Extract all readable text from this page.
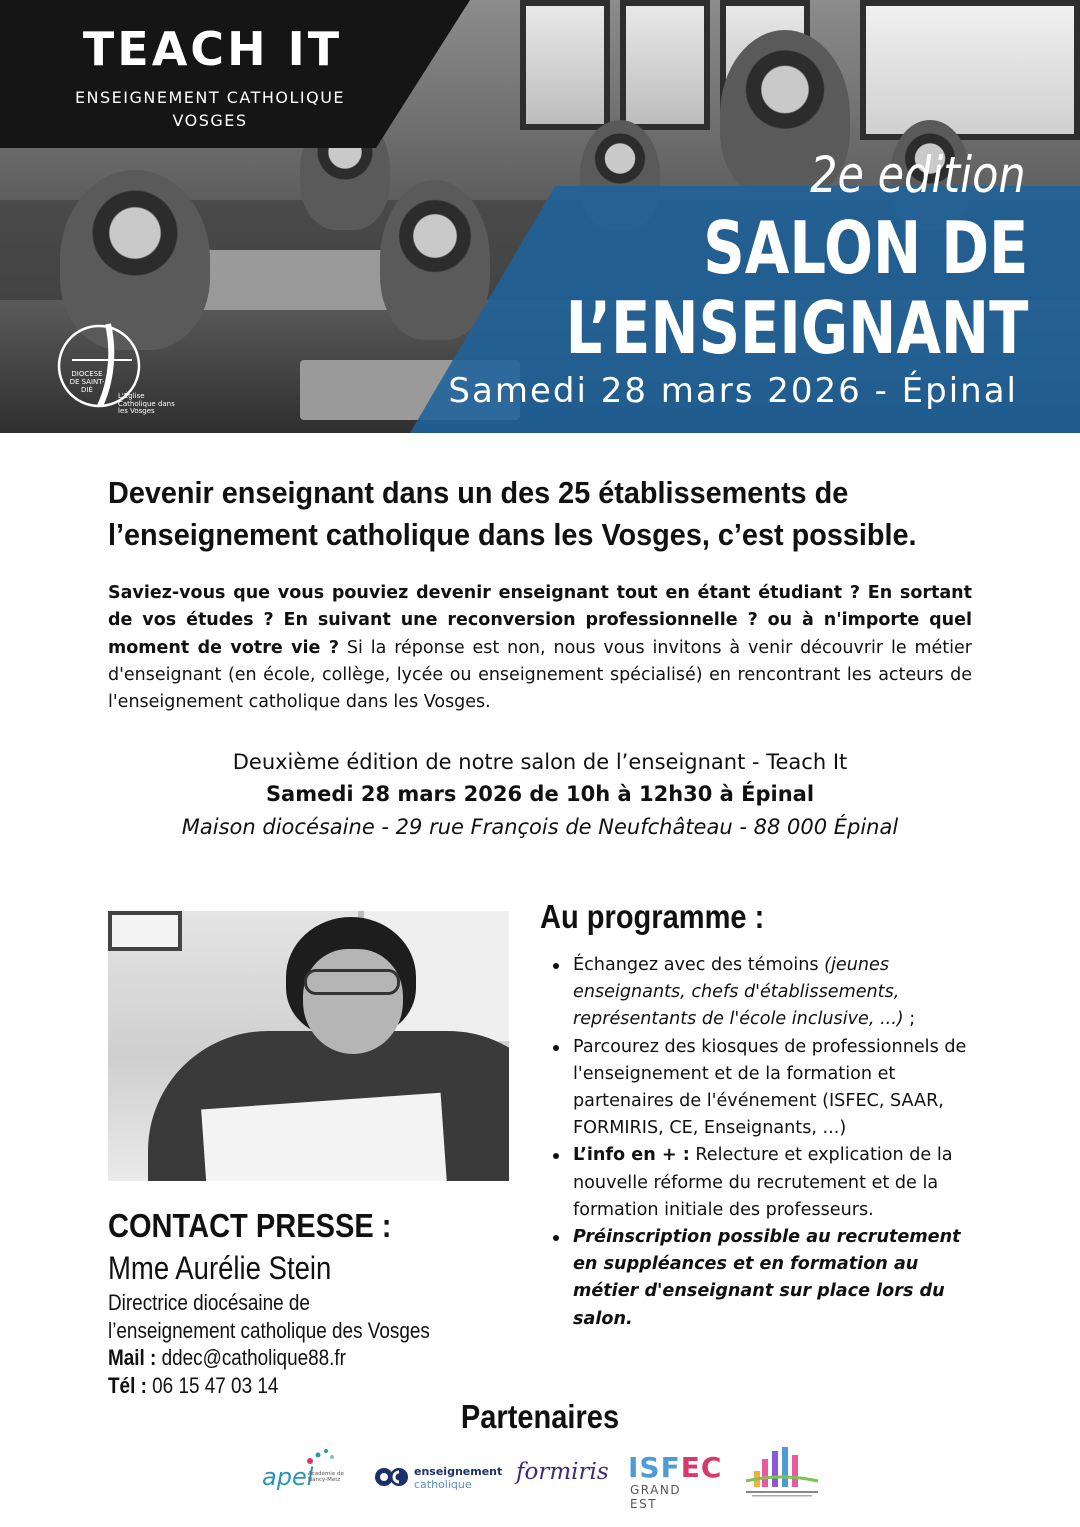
TEACH IT
ENSEIGNEMENT CATHOLIQUE
VOSGES
2e edition
SALON DE
L’ENSEIGNANT
Samedi 28 mars 2026 - Épinal
DIOCESE DE SAINT-DIÉ
L'Église Catholique dans les Vosges
Devenir enseignant dans un des 25 établissements de
l’enseignement catholique dans les Vosges, c’est possible.
Saviez-vous que vous pouviez devenir enseignant tout en étant étudiant ? En sortant de vos études ? En suivant une reconversion professionnelle ? ou à n'importe quel moment de votre vie ? Si la réponse est non, nous vous invitons à venir découvrir le métier d'enseignant (en école, collège, lycée ou enseignement spécialisé) en rencontrant les acteurs de l'enseignement catholique dans les Vosges.
Deuxième édition de notre salon de l’enseignant - Teach It
Samedi 28 mars 2026 de 10h à 12h30 à Épinal
Maison diocésaine - 29 rue François de Neufchâteau - 88 000 Épinal
CONTACT PRESSE :
Mme Aurélie Stein
Directrice diocésaine de
l’enseignement catholique des Vosges
Mail : ddec@catholique88.fr
Tél : 06 15 47 03 14
Au programme :
Échangez avec des témoins (jeunes enseignants, chefs d'établissements, représentants de l'école inclusive, ...) ;
Parcourez des kiosques de professionnels de l'enseignement et de la formation et partenaires de l'événement (ISFEC, SAAR, FORMIRIS, CE, Enseignants, ...)
L’info en + : Relecture et explication de la nouvelle réforme du recrutement et de la formation initiale des professeurs.
Préinscription possible au recrutement en suppléances et en formation au métier d'enseignant sur place lors du salon.
Partenaires
apel
Académie de Nancy-Metz
enseignement
catholique formiris ISFEC
GRAND EST
